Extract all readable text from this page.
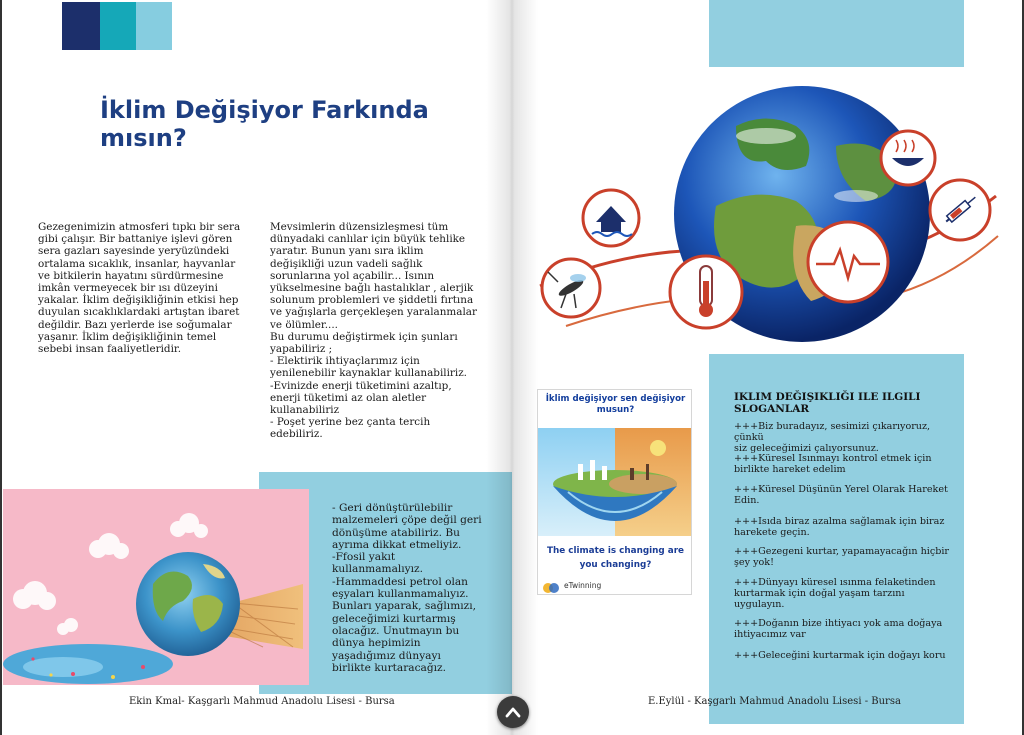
İklim Değişiyor Farkında
mısın?
Gezegenimizin atmosferi tıpkı bir sera
gibi çalışır. Bir battaniye işlevi gören
sera gazları sayesinde yeryüzündeki
ortalama sıcaklık, insanlar, hayvanlar
ve bitkilerin hayatını sürdürmesine
imkân vermeyecek bir ısı düzeyini
yakalar. İklim değişikliğinin etkisi hep
duyulan sıcaklıklardaki artıştan ibaret
değildir. Bazı yerlerde ise soğumalar
yaşanır. İklim değişikliğinin temel
sebebi insan faaliyetleridir.
Mevsimlerin düzensizleşmesi tüm
dünyadaki canlılar için büyük tehlike
yaratır. Bunun yanı sıra iklim
değişikliği uzun vadeli sağlık
sorunlarına yol açabilir... Isının
yükselmesine bağlı hastalıklar , alerjik
solunum problemleri ve şiddetli fırtına
ve yağışlarla gerçekleşen yaralanmalar
ve ölümler....
Bu durumu değiştirmek için şunları
yapabiliriz ;
- Elektirik ihtiyaçlarımız için
yenilenebilir kaynaklar kullanabiliriz.
-Evinizde enerji tüketimini azaltıp,
enerji tüketimi az olan aletler
kullanabiliriz
- Poşet yerine bez çanta tercih
edebiliriz.
- Geri dönüştürülebilir
malzemeleri çöpe değil geri
dönüşüme atabiliriz. Bu
ayrıma dikkat etmeliyiz.
-Ffosil yakıt
kullanmamalıyız.
-Hammaddesi petrol olan
eşyaları kullanmamalıyız.
Bunları yaparak, sağlımızı,
geleceğimizi kurtarmış
olacağız. Unutmayın bu
dünya hepimizin
yaşadığımız dünyayı
birlikte kurtaracağız.
Ekin Kmal- Kaşgarlı Mahmud Anadolu Lisesi - Bursa
IKLIM DEĞIŞIKLIĞI ILE ILGILI
SLOGANLAR
+++Biz buradayız, sesimizi çıkarıyoruz, çünkü
siz geleceğimizi çalıyorsunuz.
+++Küresel Isınmayı kontrol etmek için
birlikte hareket edelim
+++Küresel Düşünün Yerel Olarak Hareket
Edin.
+++Isıda biraz azalma sağlamak için biraz
harekete geçin.
+++Gezegeni kurtar, yapamayacağın hiçbir
şey yok!
+++Dünyayı küresel ısınma felaketinden
kurtarmak için doğal yaşam tarzını
uygulayın.
+++Doğanın bize ihtiyacı yok ama doğaya
ihtiyacımız var
+++Geleceğini kurtarmak için doğayı koru
İklim değişiyor sen değişiyor
musun?
The climate is changing are
you changing?
eTwinning
E.Eylül - Kaşgarlı Mahmud Anadolu Lisesi - Bursa
